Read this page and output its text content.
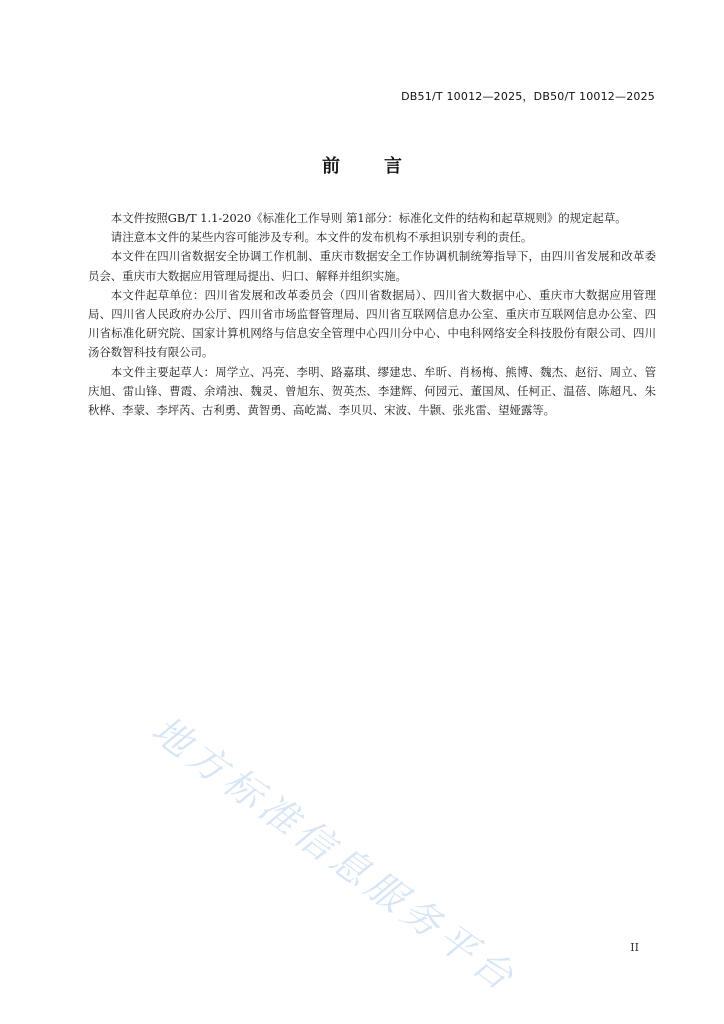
DB51/T 10012—2025，DB50/T 10012—2025
前言

本文件按照GB/T 1.1-2020《标准化工作导则 第1部分：标准化文件的结构和起草规则》的规定起草。

请注意本文件的某些内容可能涉及专利。本文件的发布机构不承担识别专利的责任。

本文件在四川省数据安全协调工作机制、重庆市数据安全工作协调机制统筹指导下，由四川省发展和改革委员会、重庆市大数据应用管理局提出、归口、解释并组织实施。

本文件起草单位：四川省发展和改革委员会（四川省数据局）、四川省大数据中心、重庆市大数据应用管理局、四川省人民政府办公厅、四川省市场监督管理局、四川省互联网信息办公室、重庆市互联网信息办公室、四川省标准化研究院、国家计算机网络与信息安全管理中心四川分中心、中电科网络安全科技股份有限公司、四川汤谷数智科技有限公司。

本文件主要起草人：周学立、冯亮、李明、路嘉琪、缪建忠、牟昕、肖杨梅、熊博、魏杰、赵衍、周立、管庆旭、雷山锋、曹霞、余靖浊、魏灵、曾旭东、贺英杰、李建辉、何园元、董国凤、任柯正、温蓓、陈超凡、朱秋桦、李蒙、李坪芮、古利勇、黄智勇、高屹嵩、李贝贝、宋波、牛颢、张兆雷、望娅露等。

地方标准信息服务平台	II
